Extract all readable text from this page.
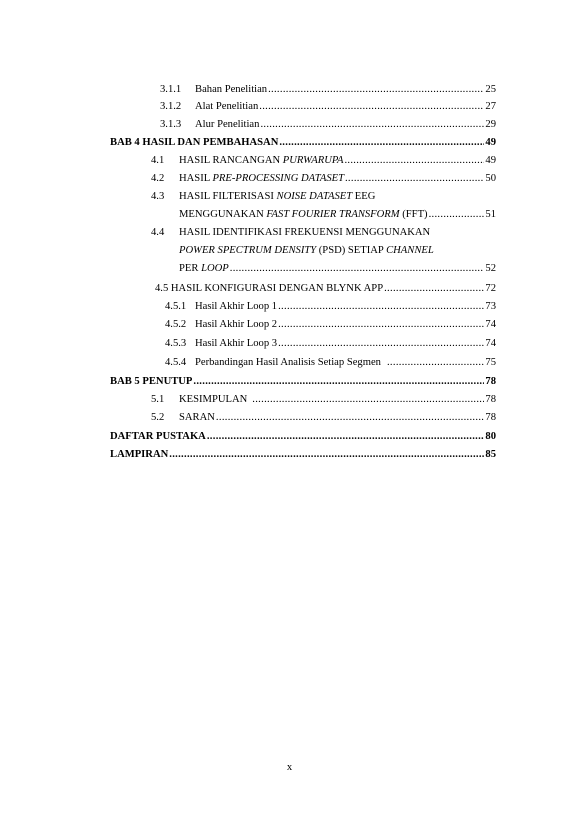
3.1.1	Bahan Penelitian .....	25
3.1.2	Alat Penelitian .....	27
3.1.3	Alur Penelitian .....	29
BAB 4 HASIL DAN PEMBAHASAN .....	49
4.1	HASIL RANCANGAN PURWARUPA .....	49
4.2	HASIL PRE-PROCESSING DATASET .....	50
4.3	HASIL FILTERISASI NOISE DATASET EEG
MENGGUNAKAN FAST FOURIER TRANSFORM (FFT) .....	51
4.4	HASIL IDENTIFIKASI FREKUENSI MENGGUNAKAN
POWER SPECTRUM DENSITY (PSD) SETIAP CHANNEL
PER LOOP .....	52
4.5 HASIL KONFIGURASI DENGAN BLYNK APP .....	72
4.5.1 Hasil Akhir Loop 1 .....	73
4.5.2 Hasil Akhir Loop 2 .....	74
4.5.3 Hasil Akhir Loop 3 .....	74
4.5.4 Perbandingan Hasil Analisis Setiap Segmen .....	75
BAB 5 PENUTUP .....	78
5.1	KESIMPULAN .....	78
5.2	SARAN .....	78
DAFTAR PUSTAKA .....	80
LAMPIRAN .....	85
x
